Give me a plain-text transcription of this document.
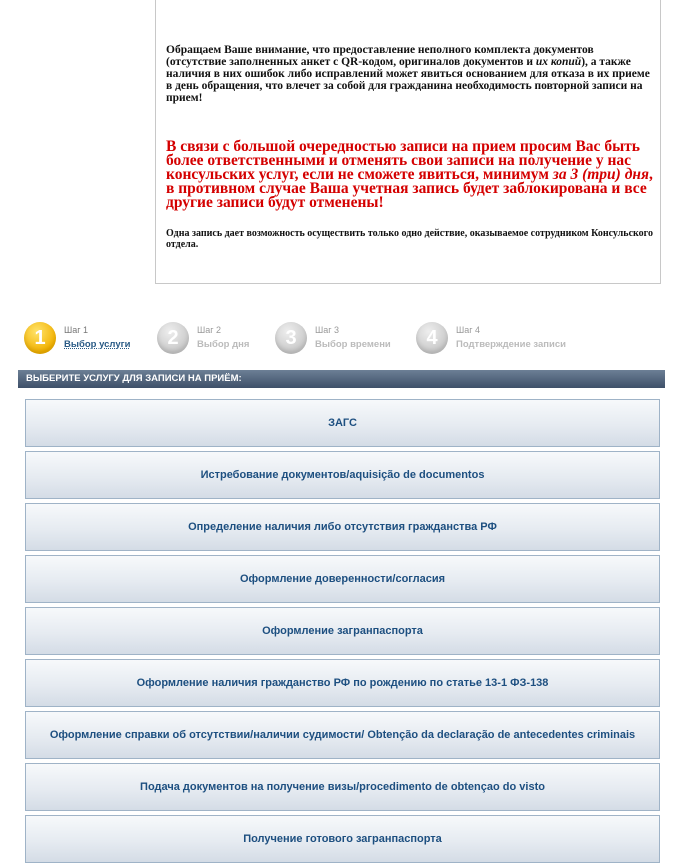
Обращаем Ваше внимание, что предоставление неполного комплекта документов (отсутствие заполненных анкет с QR-кодом, оригиналов документов и их копий), а также наличия в них ошибок либо исправлений может явиться основанием для отказа в их приеме в день обращения, что влечет за собой для гражданина необходимость повторной записи на прием!
В связи с большой очередностью записи на прием просим Вас быть более ответственными и отменять свои записи на получение у нас консульских услуг, если не сможете явиться, минимум за 3 (три) дня, в противном случае Ваша учетная запись будет заблокирована и все другие записи будут отменены!
Одна запись дает возможность осуществить только одно действие, оказываемое сотрудником Консульского отдела.
1	Шаг 1
Выбор услуги	2	Шаг 2
Выбор дня	3	Шаг 3
Выбор времени	4	Шаг 4
Подтверждение записи
ВЫБЕРИТЕ УСЛУГУ ДЛЯ ЗАПИСИ НА ПРИЁМ:
ЗАГС
Истребование документов/aquisição de documentos
Определение наличия либо отсутствия гражданства РФ
Оформление доверенности/согласия
Оформление загранпаспорта
Оформление наличия гражданство РФ по рождению по статье 13-1 ФЗ-138
Оформление справки об отсутствии/наличии судимости/ Obtenção da declaração de antecedentes criminais
Подача документов на получение визы/procedimento de obtençao do visto
Получение готового загранпаспорта
